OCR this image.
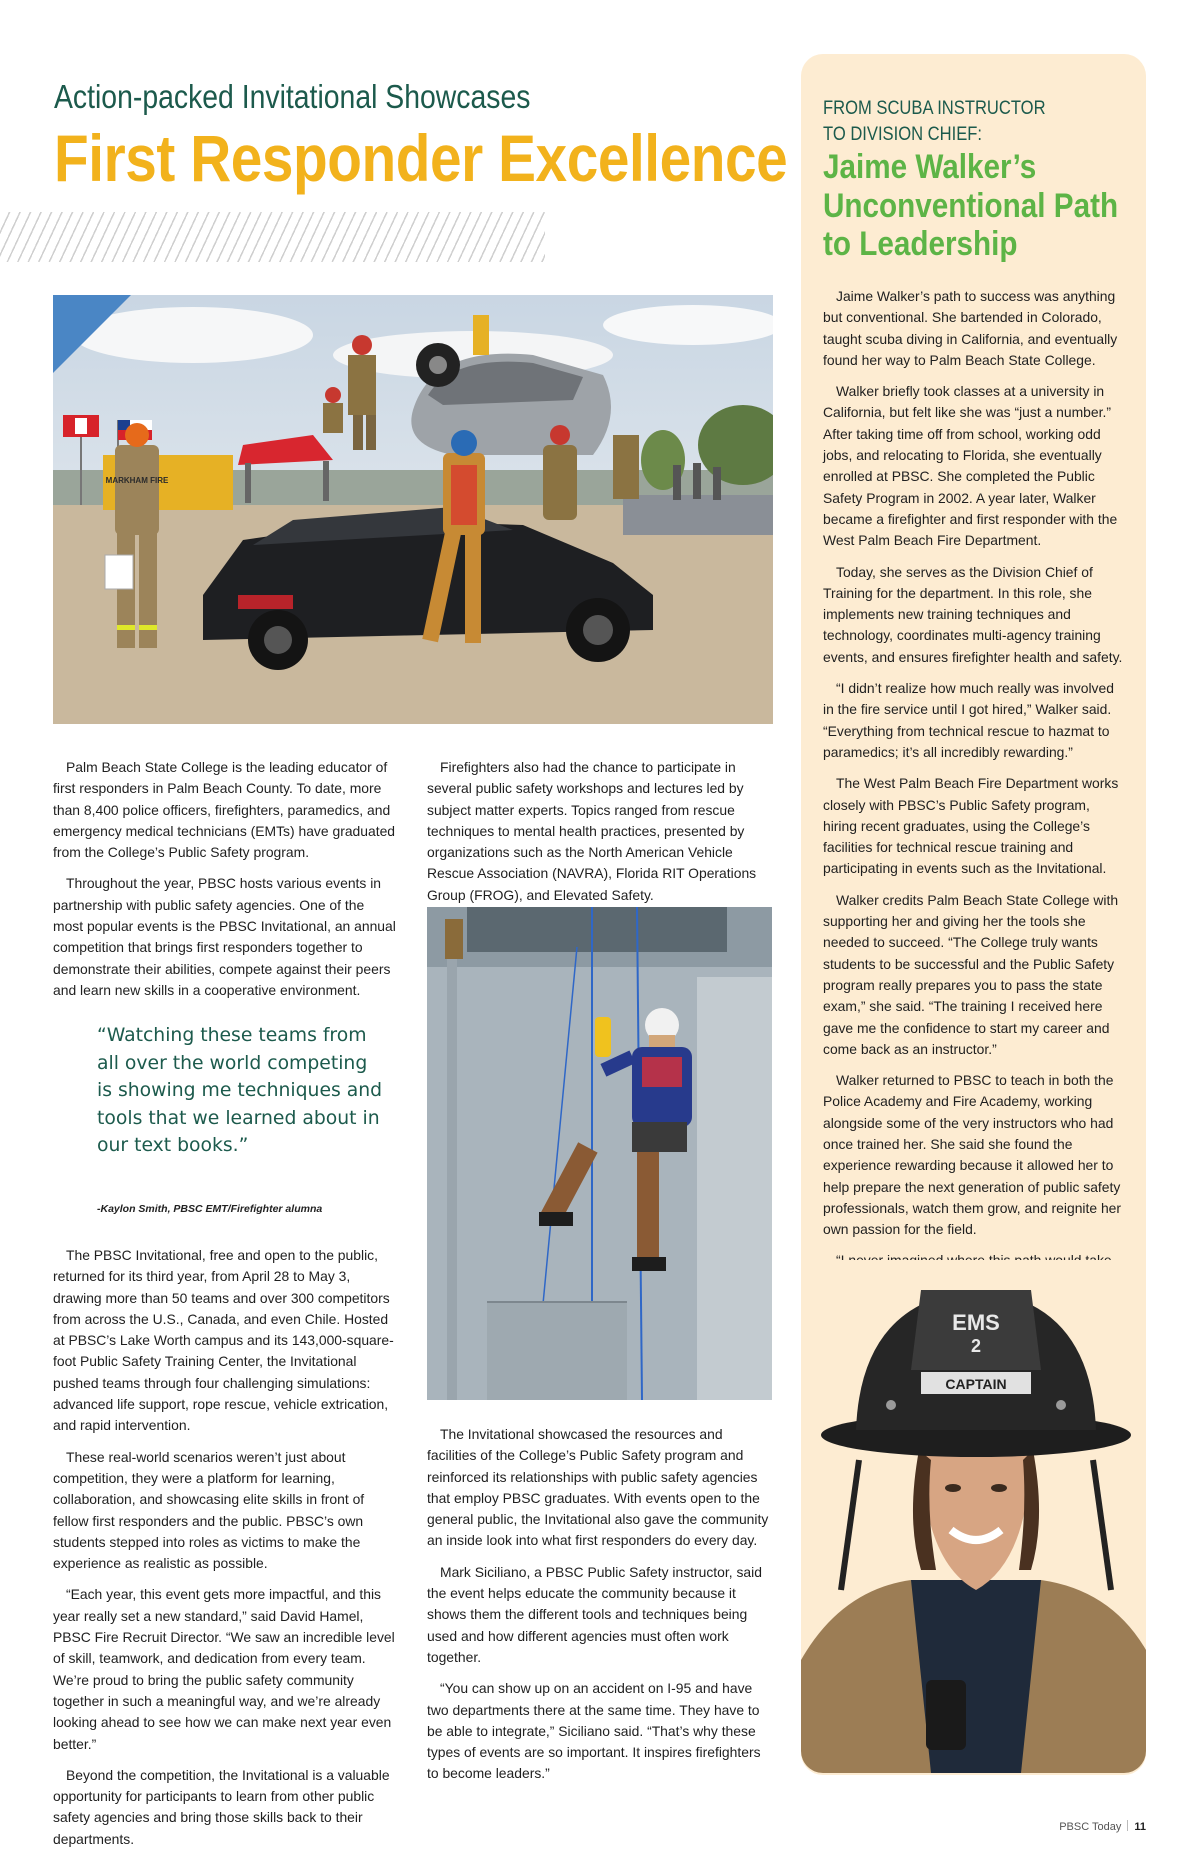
Action-packed Invitational Showcases
First Responder Excellence
MARKHAM FIRE

Palm Beach State College is the leading educator of first responders in Palm Beach County. To date, more than 8,400 police officers, firefighters, paramedics, and emergency medical technicians (EMTs) have graduated from the College’s Public Safety program.

Throughout the year, PBSC hosts various events in partnership with public safety agencies. One of the most popular events is the PBSC Invitational, an annual competition that brings first responders together to demonstrate their abilities, compete against their peers and learn new skills in a cooperative environment.

“Watching these teams from all over the world competing is showing me techniques and tools that we learned about in our text books.”
-Kaylon Smith, PBSC EMT/Firefighter alumna

The PBSC Invitational, free and open to the public, returned for its third year, from April 28 to May 3, drawing more than 50 teams and over 300 competitors from across the U.S., Canada, and even Chile. Hosted at PBSC’s Lake Worth campus and its 143,000-square-foot Public Safety Training Center, the Invitational pushed teams through four challenging simulations: advanced life support, rope rescue, vehicle extrication, and rapid intervention.

These real-world scenarios weren’t just about competition, they were a platform for learning, collaboration, and showcasing elite skills in front of fellow first responders and the public. PBSC’s own students stepped into roles as victims to make the experience as realistic as possible.

“Each year, this event gets more impactful, and this year really set a new standard,” said David Hamel, PBSC Fire Recruit Director. “We saw an incredible level of skill, teamwork, and dedication from every team. We’re proud to bring the public safety community together in such a meaningful way, and we’re already looking ahead to see how we can make next year even better.”

Beyond the competition, the Invitational is a valuable opportunity for participants to learn from other public safety agencies and bring those skills back to their departments.

Firefighters also had the chance to participate in several public safety workshops and lectures led by subject matter experts. Topics ranged from rescue techniques to mental health practices, presented by organizations such as the North American Vehicle Rescue Association (NAVRA), Florida RIT Operations Group (FROG), and Elevated Safety.

The Invitational showcased the resources and facilities of the College’s Public Safety program and reinforced its relationships with public safety agencies that employ PBSC graduates. With events open to the general public, the Invitational also gave the community an inside look into what first responders do every day.

Mark Siciliano, a PBSC Public Safety instructor, said the event helps educate the community because it shows them the different tools and techniques being used and how different agencies must often work together.

“You can show up on an accident on I-95 and have two departments there at the same time. They have to be able to integrate,” Siciliano said. “That’s why these types of events are so important. It inspires firefighters to become leaders.”

FROM SCUBA INSTRUCTOR
TO DIVISION CHIEF:
Jaime Walker’s
Unconventional Path
to Leadership

Jaime Walker’s path to success was anything but conventional. She bartended in Colorado, taught scuba diving in California, and eventually found her way to Palm Beach State College.

Walker briefly took classes at a university in California, but felt like she was “just a number.” After taking time off from school, working odd jobs, and relocating to Florida, she eventually enrolled at PBSC. She completed the Public Safety Program in 2002. A year later, Walker became a firefighter and first responder with the West Palm Beach Fire Department.

Today, she serves as the Division Chief of Training for the department. In this role, she implements new training techniques and technology, coordinates multi-agency training events, and ensures firefighter health and safety.

“I didn’t realize how much really was involved in the fire service until I got hired,” Walker said. “Everything from technical rescue to hazmat to paramedics; it’s all incredibly rewarding.”

The West Palm Beach Fire Department works closely with PBSC’s Public Safety program, hiring recent graduates, using the College’s facilities for technical rescue training and participating in events such as the Invitational.

Walker credits Palm Beach State College with supporting her and giving her the tools she needed to succeed. “The College truly wants students to be successful and the Public Safety program really prepares you to pass the state exam,” she said. “The training I received here gave me the confidence to start my career and come back as an instructor.”

Walker returned to PBSC to teach in both the Police Academy and Fire Academy, working alongside some of the very instructors who had once trained her. She said she found the experience rewarding because it allowed her to help prepare the next generation of public safety professionals, watch them grow, and reignite her own passion for the field.

EMS
2
CAPTAIN
PBSC Today 11
